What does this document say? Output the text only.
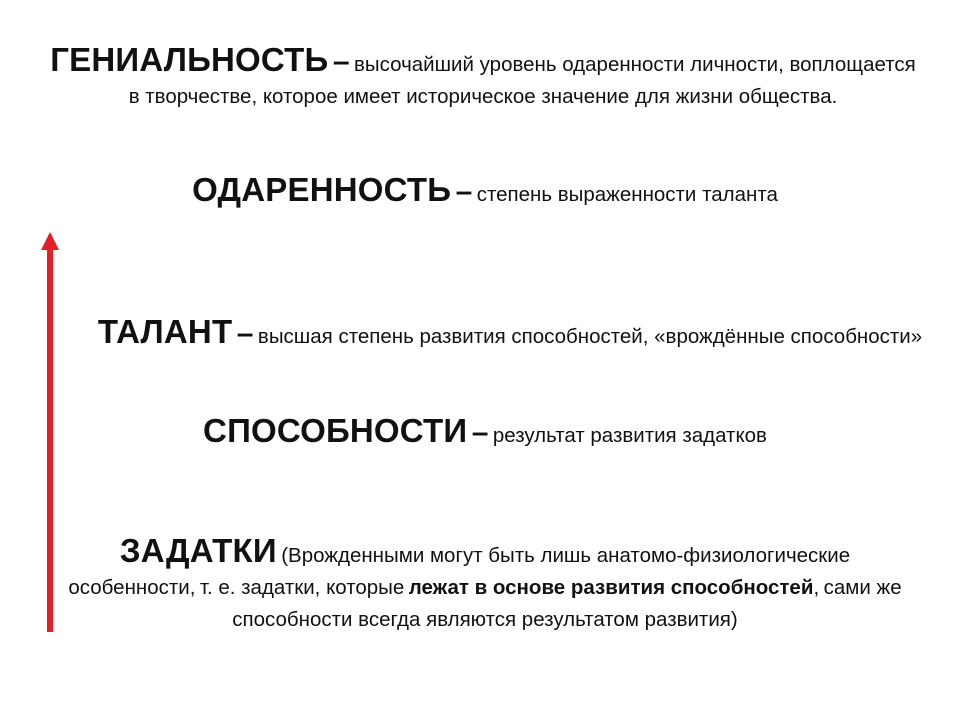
ГЕНИАЛЬНОСТЬ – высочайший уровень одаренности личности, воплощается в творчестве, которое имеет историческое значение для жизни общества.
ОДАРЕННОСТЬ – степень выраженности таланта
ТАЛАНТ – высшая степень развития способностей, «врождённые способности»
СПОСОБНОСТИ – результат развития задатков
ЗАДАТКИ (Врожденными могут быть лишь анатомо-физиологические особенности, т. е. задатки, которые лежат в основе развития способностей, сами же способности всегда являются результатом развития)
